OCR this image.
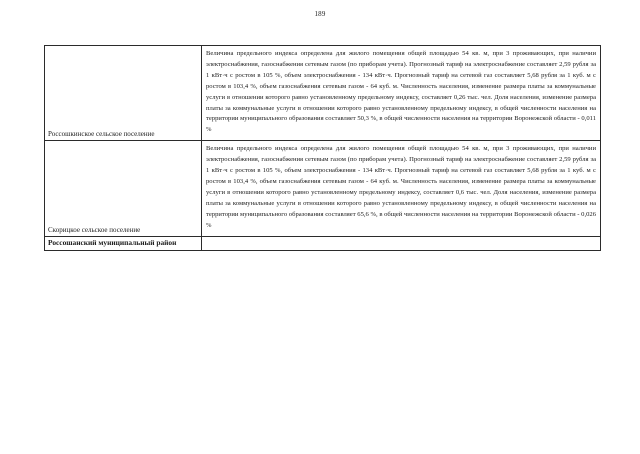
189
Россошкинское сельское поселение	Величина предельного индекса определена для жилого помещения общей площадью 54 кв. м, при 3 проживающих, при наличии электроснабжения, газоснабжения сетевым газом (по приборам учета). Прогнозный тариф на электроснабжение составляет 2,59 рубля за 1 кВт·ч с ростом в 105 %, объем электроснабжения - 134 кВт·ч. Прогнозный тариф на сетевой газ составляет 5,68 рубля за 1 куб. м с ростом в 103,4 %, объем газоснабжения сетевым газом - 64 куб. м. Численность населения, изменение размера платы за коммунальные услуги в отношении которого равно установленному предельному индексу, составляет 0,26 тыс. чел. Доля населения, изменение размера платы за коммунальные услуги в отношении которого равно установленному предельному индексу, в общей численности населения на территории муниципального образования составляет 50,3 %, в общей численности населения на территории Воронежской области - 0,011 %
Скорицкое сельское поселение	Величина предельного индекса определена для жилого помещения общей площадью 54 кв. м, при 3 проживающих, при наличии электроснабжения, газоснабжения сетевым газом (по приборам учета). Прогнозный тариф на электроснабжение составляет 2,59 рубля за 1 кВт·ч с ростом в 105 %, объем электроснабжения - 134 кВт·ч. Прогнозный тариф на сетевой газ составляет 5,68 рубля за 1 куб. м с ростом в 103,4 %, объем газоснабжения сетевым газом - 64 куб. м. Численность населения, изменение размера платы за коммунальные услуги в отношении которого равно установленному предельному индексу, составляет 0,6 тыс. чел. Доля населения, изменение размера платы за коммунальные услуги в отношении которого равно установленному предельному индексу, в общей численности населения на территории муниципального образования составляет 65,6 %, в общей численности населения на территории Воронежской области - 0,026 %
Россошанский муниципальный район	
